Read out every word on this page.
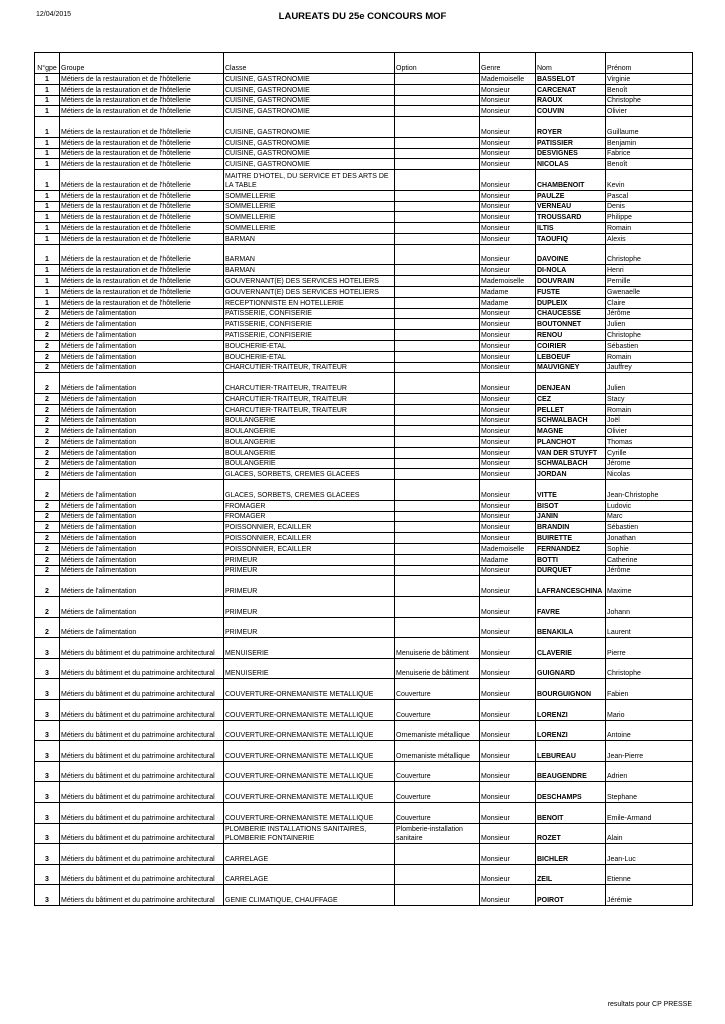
12/04/2015	LAUREATS DU 25e CONCOURS MOF
N°gpe	Groupe	Classe	Option	Genre	Nom	Prénom
1	Métiers de la restauration et de l'hôtellerie	CUISINE, GASTRONOMIE		Mademoiselle	BASSELOT	Virginie
1	Métiers de la restauration et de l'hôtellerie	CUISINE, GASTRONOMIE		Monsieur	CARCENAT	Benoît
1	Métiers de la restauration et de l'hôtellerie	CUISINE, GASTRONOMIE		Monsieur	RAOUX	Christophe
1	Métiers de la restauration et de l'hôtellerie	CUISINE, GASTRONOMIE		Monsieur	COUVIN	Olivier
1	Métiers de la restauration et de l'hôtellerie	CUISINE, GASTRONOMIE		Monsieur	ROYER	Guillaume
1	Métiers de la restauration et de l'hôtellerie	CUISINE, GASTRONOMIE		Monsieur	PATISSIER	Benjamin
1	Métiers de la restauration et de l'hôtellerie	CUISINE, GASTRONOMIE		Monsieur	DESVIGNES	Fabrice
1	Métiers de la restauration et de l'hôtellerie	CUISINE, GASTRONOMIE		Monsieur	NICOLAS	Benoît
1	Métiers de la restauration et de l'hôtellerie	MAITRE D'HOTEL, DU SERVICE ET DES ARTS DE LA TABLE		Monsieur	CHAMBENOIT	Kevin
1	Métiers de la restauration et de l'hôtellerie	SOMMELLERIE		Monsieur	PAULZE	Pascal
1	Métiers de la restauration et de l'hôtellerie	SOMMELLERIE		Monsieur	VERNEAU	Denis
1	Métiers de la restauration et de l'hôtellerie	SOMMELLERIE		Monsieur	TROUSSARD	Philippe
1	Métiers de la restauration et de l'hôtellerie	SOMMELLERIE		Monsieur	ILTIS	Romain
1	Métiers de la restauration et de l'hôtellerie	BARMAN		Monsieur	TAOUFIQ	Alexis
1	Métiers de la restauration et de l'hôtellerie	BARMAN		Monsieur	DAVOINE	Christophe
1	Métiers de la restauration et de l'hôtellerie	BARMAN		Monsieur	DI-NOLA	Henri
1	Métiers de la restauration et de l'hôtellerie	GOUVERNANT(E) DES SERVICES HOTELIERS		Mademoiselle	DOUVRAIN	Pernille
1	Métiers de la restauration et de l'hôtellerie	GOUVERNANT(E) DES SERVICES HOTELIERS		Madame	FUSTE	Gwenaelle
1	Métiers de la restauration et de l'hôtellerie	RECEPTIONNISTE EN HOTELLERIE		Madame	DUPLEIX	Claire
2	Métiers de l'alimentation	PATISSERIE, CONFISERIE		Monsieur	CHAUCESSE	Jérôme
2	Métiers de l'alimentation	PATISSERIE, CONFISERIE		Monsieur	BOUTONNET	Julien
2	Métiers de l'alimentation	PATISSERIE, CONFISERIE		Monsieur	RENOU	Christophe
2	Métiers de l'alimentation	BOUCHERIE-ETAL		Monsieur	COIRIER	Sébastien
2	Métiers de l'alimentation	BOUCHERIE-ETAL		Monsieur	LEBOEUF	Romain
2	Métiers de l'alimentation	CHARCUTIER-TRAITEUR, TRAITEUR		Monsieur	MAUVIGNEY	Jauffrey
2	Métiers de l'alimentation	CHARCUTIER-TRAITEUR, TRAITEUR		Monsieur	DENJEAN	Julien
2	Métiers de l'alimentation	CHARCUTIER-TRAITEUR, TRAITEUR		Monsieur	CEZ	Stacy
2	Métiers de l'alimentation	CHARCUTIER-TRAITEUR, TRAITEUR		Monsieur	PELLET	Romain
2	Métiers de l'alimentation	BOULANGERIE		Monsieur	SCHWALBACH	Joël
2	Métiers de l'alimentation	BOULANGERIE		Monsieur	MAGNE	Olivier
2	Métiers de l'alimentation	BOULANGERIE		Monsieur	PLANCHOT	Thomas
2	Métiers de l'alimentation	BOULANGERIE		Monsieur	VAN DER STUYFT	Cyrille
2	Métiers de l'alimentation	BOULANGERIE		Monsieur	SCHWALBACH	Jérome
2	Métiers de l'alimentation	GLACES, SORBETS, CREMES GLACEES		Monsieur	JORDAN	Nicolas
2	Métiers de l'alimentation	GLACES, SORBETS, CREMES GLACEES		Monsieur	VITTE	Jean-Christophe
2	Métiers de l'alimentation	FROMAGER		Monsieur	BISOT	Ludovic
2	Métiers de l'alimentation	FROMAGER		Monsieur	JANIN	Marc
2	Métiers de l'alimentation	POISSONNIER, ECAILLER		Monsieur	BRANDIN	Sébastien
2	Métiers de l'alimentation	POISSONNIER, ECAILLER		Monsieur	BUIRETTE	Jonathan
2	Métiers de l'alimentation	POISSONNIER, ECAILLER		Mademoiselle	FERNANDEZ	Sophie
2	Métiers de l'alimentation	PRIMEUR		Madame	BOTTI	Catherine
2	Métiers de l'alimentation	PRIMEUR		Monsieur	DURQUET	Jérôme
2	Métiers de l'alimentation	PRIMEUR		Monsieur	LAFRANCESCHINA	Maxime
2	Métiers de l'alimentation	PRIMEUR		Monsieur	FAVRE	Johann
2	Métiers de l'alimentation	PRIMEUR		Monsieur	BENAKILA	Laurent
3	Métiers du bâtiment et du patrimoine architectural	MENUISERIE	Menuiserie de bâtiment	Monsieur	CLAVERIE	Pierre
3	Métiers du bâtiment et du patrimoine architectural	MENUISERIE	Menuiserie de bâtiment	Monsieur	GUIGNARD	Christophe
3	Métiers du bâtiment et du patrimoine architectural	COUVERTURE-ORNEMANISTE METALLIQUE	Couverture	Monsieur	BOURGUIGNON	Fabien
3	Métiers du bâtiment et du patrimoine architectural	COUVERTURE-ORNEMANISTE METALLIQUE	Couverture	Monsieur	LORENZI	Mario
3	Métiers du bâtiment et du patrimoine architectural	COUVERTURE-ORNEMANISTE METALLIQUE	Ornemaniste métallique	Monsieur	LORENZI	Antoine
3	Métiers du bâtiment et du patrimoine architectural	COUVERTURE-ORNEMANISTE METALLIQUE	Ornemaniste métallique	Monsieur	LEBUREAU	Jean-Pierre
3	Métiers du bâtiment et du patrimoine architectural	COUVERTURE-ORNEMANISTE METALLIQUE	Couverture	Monsieur	BEAUGENDRE	Adrien
3	Métiers du bâtiment et du patrimoine architectural	COUVERTURE-ORNEMANISTE METALLIQUE	Couverture	Monsieur	DESCHAMPS	Stephane
3	Métiers du bâtiment et du patrimoine architectural	COUVERTURE-ORNEMANISTE METALLIQUE	Couverture	Monsieur	BENOIT	Emile-Armand
3	Métiers du bâtiment et du patrimoine architectural	PLOMBERIE INSTALLATIONS SANITAIRES, PLOMBERIE FONTAINERIE	Plomberie-installation sanitaire	Monsieur	ROZET	Alain
3	Métiers du bâtiment et du patrimoine architectural	CARRELAGE		Monsieur	BICHLER	Jean-Luc
3	Métiers du bâtiment et du patrimoine architectural	CARRELAGE		Monsieur	ZEIL	Etienne
3	Métiers du bâtiment et du patrimoine architectural	GENIE CLIMATIQUE, CHAUFFAGE		Monsieur	POIROT	Jérémie
resultats pour CP PRESSE
